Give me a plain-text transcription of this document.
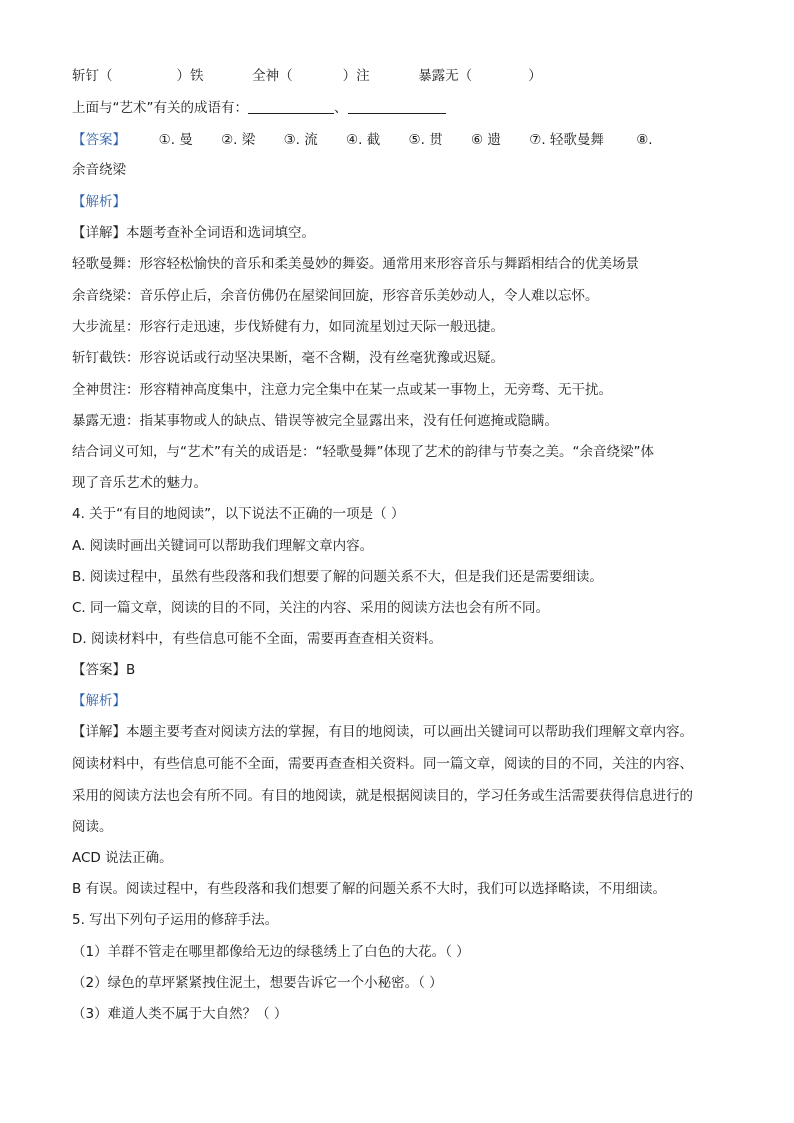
斩钉（	）铁	全神（	）注	暴露无（	）
上面与“艺术”有关的成语有：	、
【答案】 ①. 曼 ②. 梁 ③. 流 ④. 截 ⑤. 贯 ⑥ 遗 ⑦. 轻歌曼舞 ⑧.
余音绕梁
【解析】
【详解】本题考查补全词语和选词填空。
轻歌曼舞：形容轻松愉快的音乐和柔美曼妙的舞姿。通常用来形容音乐与舞蹈相结合的优美场景
余音绕梁：音乐停止后，余音仿佛仍在屋梁间回旋，形容音乐美妙动人，令人难以忘怀。
大步流星：形容行走迅速，步伐矫健有力，如同流星划过天际一般迅捷。
斩钉截铁：形容说话或行动坚决果断，毫不含糊，没有丝毫犹豫或迟疑。
全神贯注：形容精神高度集中，注意力完全集中在某一点或某一事物上，无旁骛、无干扰。
暴露无遗：指某事物或人的缺点、错误等被完全显露出来，没有任何遮掩或隐瞒。
结合词义可知，与“艺术”有关的成语是：“轻歌曼舞”体现了艺术的韵律与节奏之美。“余音绕梁”体
现了音乐艺术的魅力。
4. 关于“有目的地阅读”，以下说法不正确的一项是（ ）
A. 阅读时画出关键词可以帮助我们理解文章内容。
B. 阅读过程中，虽然有些段落和我们想要了解的问题关系不大，但是我们还是需要细读。
C. 同一篇文章，阅读的目的不同，关注的内容、采用的阅读方法也会有所不同。
D. 阅读材料中，有些信息可能不全面，需要再查查相关资料。
【答案】B
【解析】
【详解】本题主要考查对阅读方法的掌握，有目的地阅读，可以画出关键词可以帮助我们理解文章内容。
阅读材料中，有些信息可能不全面，需要再查查相关资料。同一篇文章，阅读的目的不同，关注的内容、
采用的阅读方法也会有所不同。有目的地阅读，就是根据阅读目的，学习任务或生活需要获得信息进行的
阅读。
ACD 说法正确。
B 有误。阅读过程中，有些段落和我们想要了解的问题关系不大时，我们可以选择略读，不用细读。
5. 写出下列句子运用的修辞手法。
（1）羊群不管走在哪里都像给无边的绿毯绣上了白色的大花。（ ）
（2）绿色的草坪紧紧拽住泥土，想要告诉它一个小秘密。（ ）
（3）难道人类不属于大自然？（ ）
